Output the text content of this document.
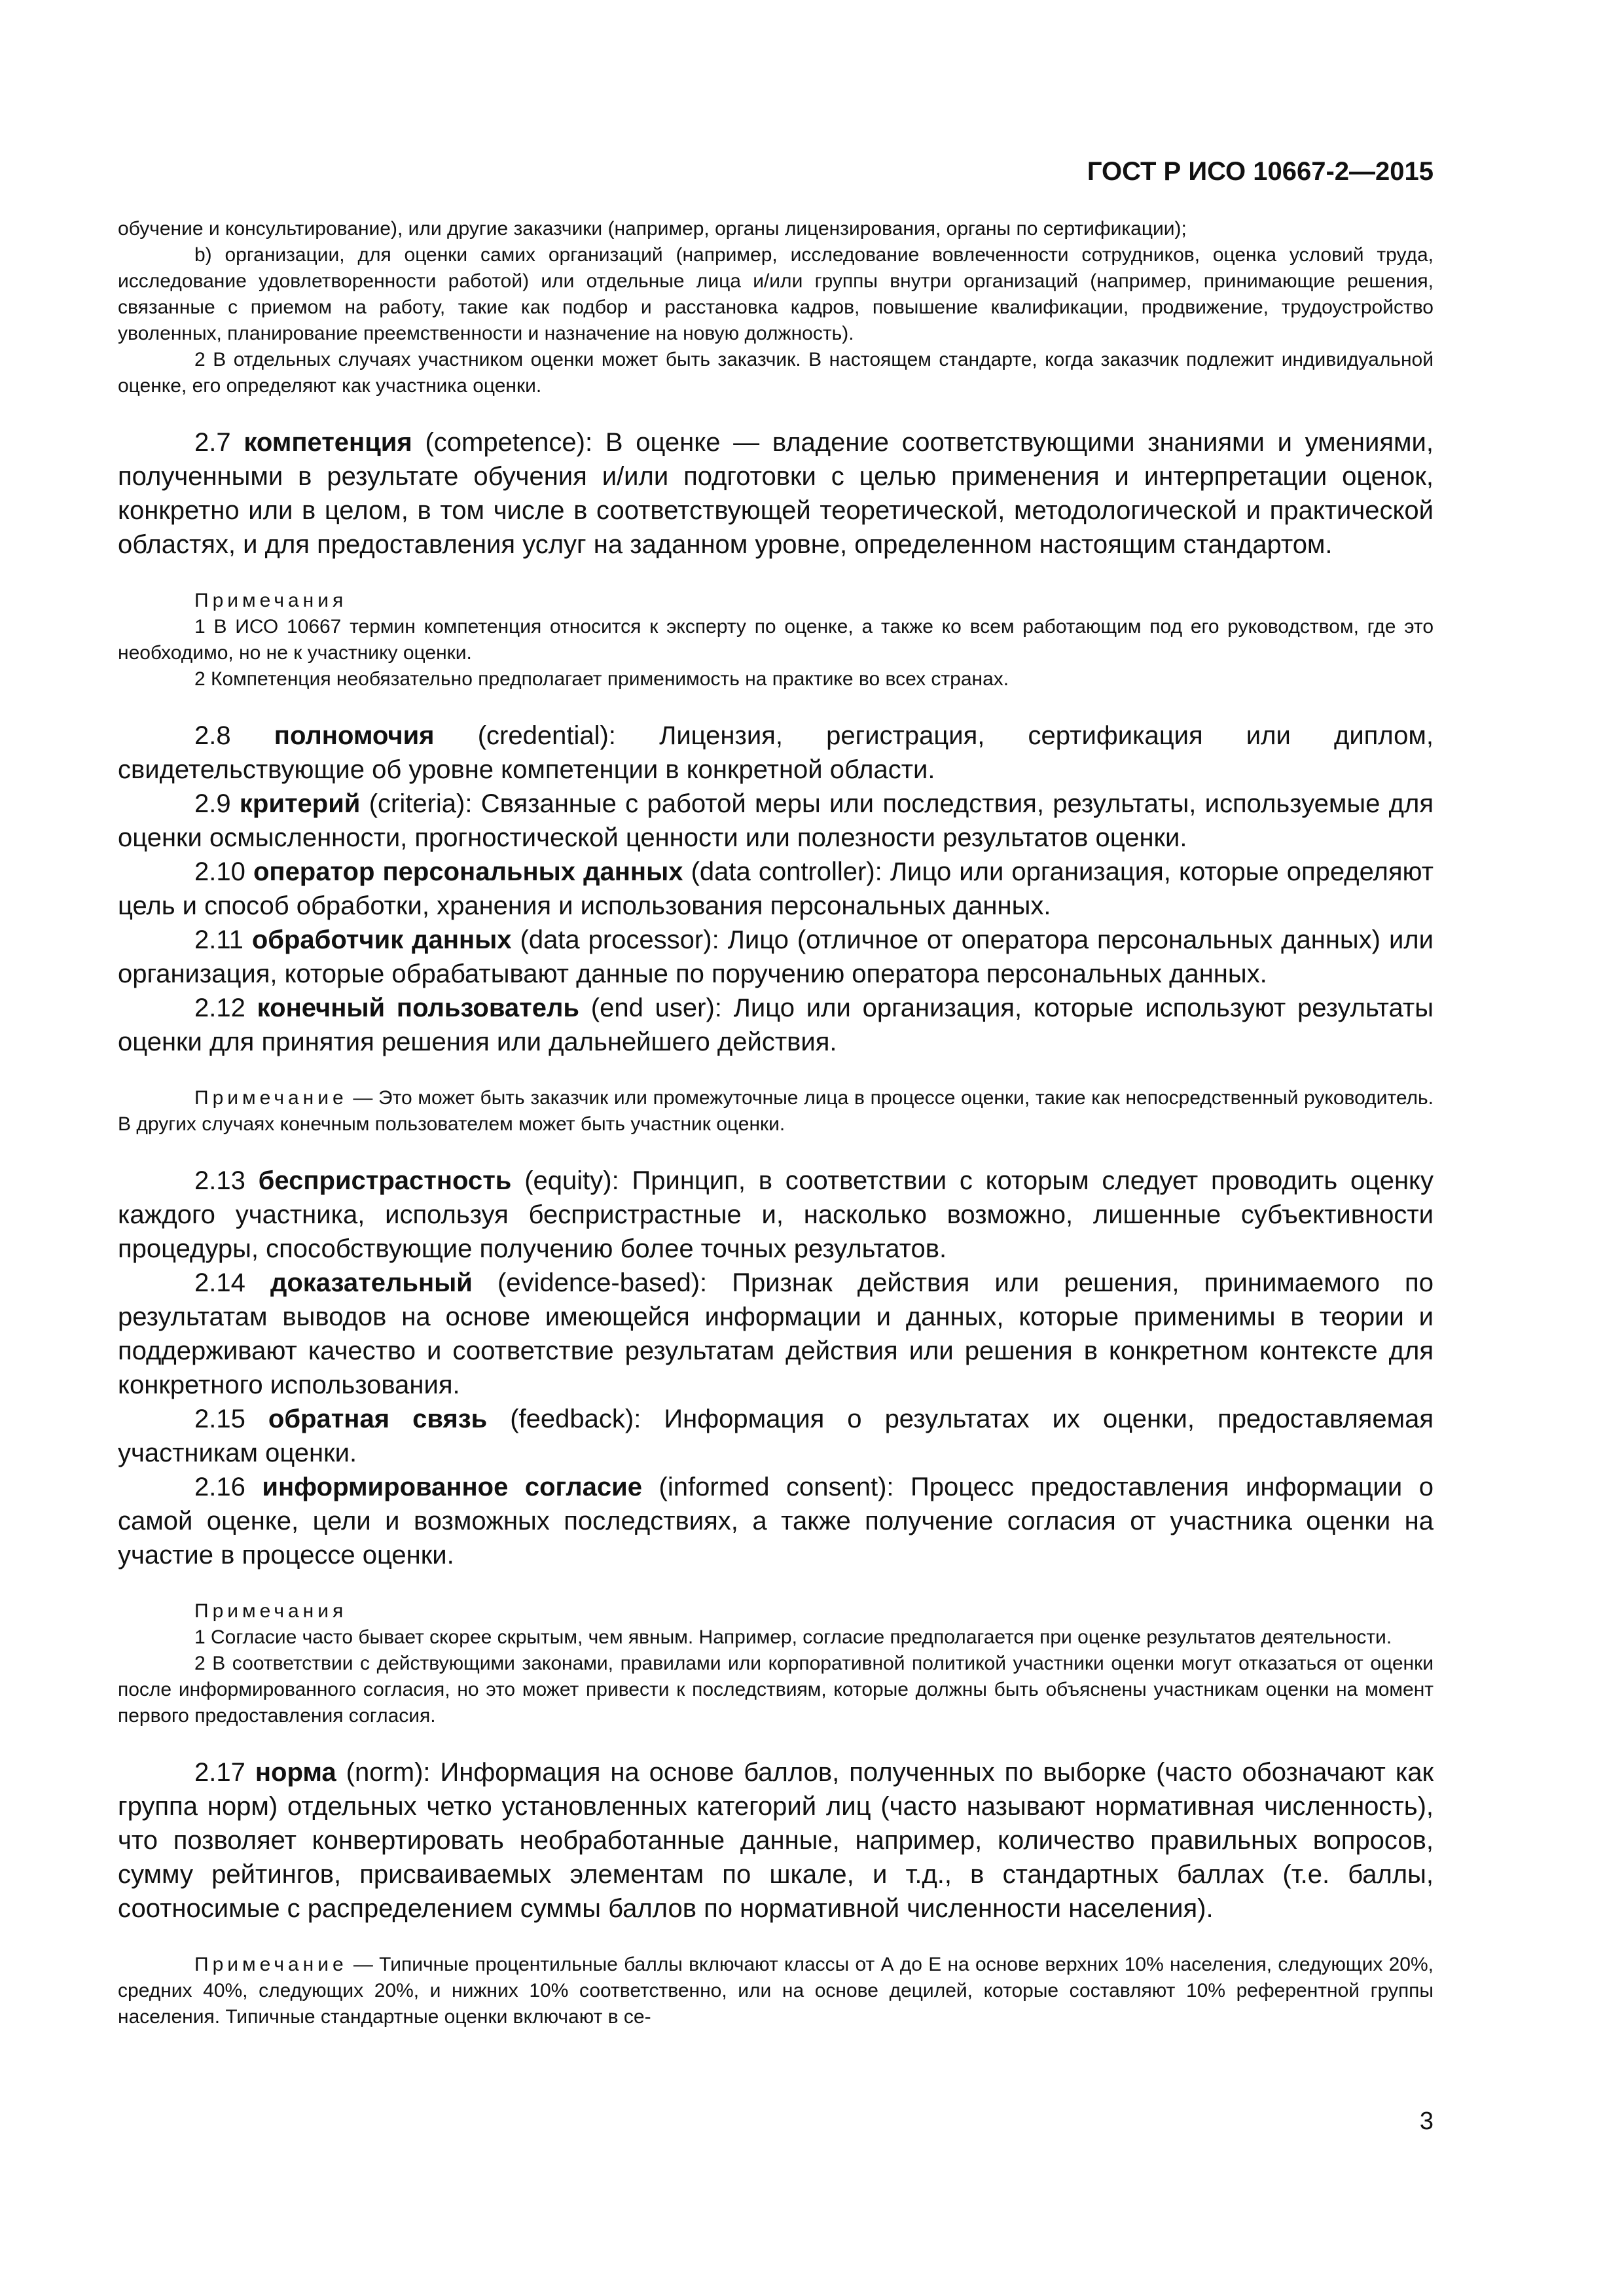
ГОСТ Р ИСО 10667-2—2015

обучение и консультирование), или другие заказчики (например, органы лицензирования, органы по сертификации);

b) организации, для оценки самих организаций (например, исследование вовлеченности сотрудников, оценка условий труда, исследование удовлетворенности работой) или отдельные лица и/или группы внутри организаций (например, принимающие решения, связанные с приемом на работу, такие как подбор и расстановка кадров, повышение квалификации, продвижение, трудоустройство уволенных, планирование преемственности и назначение на новую должность).

2 В отдельных случаях участником оценки может быть заказчик. В настоящем стандарте, когда заказчик подлежит индивидуальной оценке, его определяют как участника оценки.

2.7 компетенция (competence): В оценке — владение соответствующими знаниями и умениями, полученными в результате обучения и/или подготовки с целью применения и интерпретации оценок, конкретно или в целом, в том числе в соответствующей теоретической, методологической и практической областях, и для предоставления услуг на заданном уровне, определенном настоящим стандартом.

Примечания

1 В ИСО 10667 термин компетенция относится к эксперту по оценке, а также ко всем работающим под его руководством, где это необходимо, но не к участнику оценки.

2 Компетенция необязательно предполагает применимость на практике во всех странах.

2.8 полномочия (credential): Лицензия, регистрация, сертификация или диплом, свидетельствующие об уровне компетенции в конкретной области.

2.9 критерий (criteria): Связанные с работой меры или последствия, результаты, используемые для оценки осмысленности, прогностической ценности или полезности результатов оценки.

2.10 оператор персональных данных (data controller): Лицо или организация, которые определяют цель и способ обработки, хранения и использования персональных данных.

2.11 обработчик данных (data processor): Лицо (отличное от оператора персональных данных) или организация, которые обрабатывают данные по поручению оператора персональных данных.

2.12 конечный пользователь (end user): Лицо или организация, которые используют результаты оценки для принятия решения или дальнейшего действия.

Примечание — Это может быть заказчик или промежуточные лица в процессе оценки, такие как непосредственный руководитель. В других случаях конечным пользователем может быть участник оценки.

2.13 беспристрастность (equity): Принцип, в соответствии с которым следует проводить оценку каждого участника, используя беспристрастные и, насколько возможно, лишенные субъективности процедуры, способствующие получению более точных результатов.

2.14 доказательный (evidence-based): Признак действия или решения, принимаемого по результатам выводов на основе имеющейся информации и данных, которые применимы в теории и поддерживают качество и соответствие результатам действия или решения в конкретном контексте для конкретного использования.

2.15 обратная связь (feedback): Информация о результатах их оценки, предоставляемая участникам оценки.

2.16 информированное согласие (informed consent): Процесс предоставления информации о самой оценке, цели и возможных последствиях, а также получение согласия от участника оценки на участие в процессе оценки.

Примечания

1 Согласие часто бывает скорее скрытым, чем явным. Например, согласие предполагается при оценке результатов деятельности.

2 В соответствии с действующими законами, правилами или корпоративной политикой участники оценки могут отказаться от оценки после информированного согласия, но это может привести к последствиям, которые должны быть объяснены участникам оценки на момент первого предоставления согласия.

2.17 норма (norm): Информация на основе баллов, полученных по выборке (часто обозначают как группа норм) отдельных четко установленных категорий лиц (часто называют нормативная численность), что позволяет конвертировать необработанные данные, например, количество правильных вопросов, сумму рейтингов, присваиваемых элементам по шкале, и т.д., в стандартных баллах (т.е. баллы, соотносимые с распределением суммы баллов по нормативной численности населения).

Примечание — Типичные процентильные баллы включают классы от А до Е на основе верхних 10% населения, следующих 20%, средних 40%, следующих 20%, и нижних 10% соответственно, или на основе децилей, которые составляют 10% референтной группы населения. Типичные стандартные оценки включают в се-

3
